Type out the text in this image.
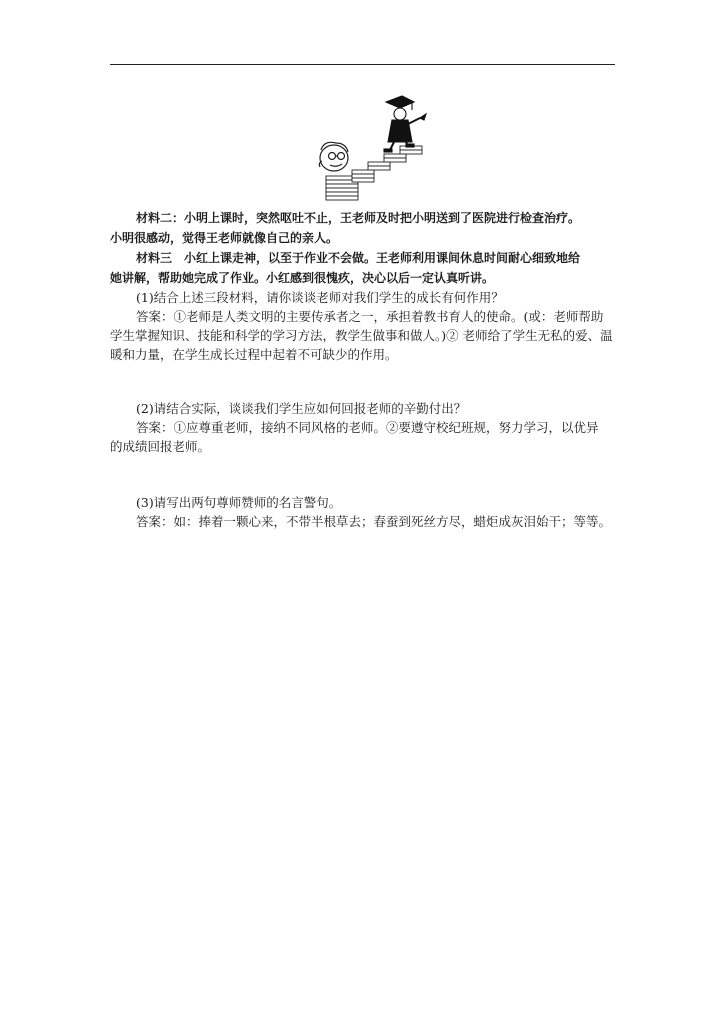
材料二：小明上课时，突然呕吐不止，王老师及时把小明送到了医院进行检查治疗。
小明很感动，觉得王老师就像自己的亲人。
材料三　小红上课走神，以至于作业不会做。王老师利用课间休息时间耐心细致地给
她讲解，帮助她完成了作业。小红感到很愧疚，决心以后一定认真听讲。
(1)结合上述三段材料，请你谈谈老师对我们学生的成长有何作用？
答案：①老师是人类文明的主要传承者之一，承担着教书育人的使命。(或：老师帮助
学生掌握知识、技能和科学的学习方法，教学生做事和做人。)② 老师给了学生无私的爱、温
暖和力量，在学生成长过程中起着不可缺少的作用。
(2)请结合实际，谈谈我们学生应如何回报老师的辛勤付出？
答案：①应尊重老师，接纳不同风格的老师。②要遵守校纪班规，努力学习，以优异
的成绩回报老师。
(3)请写出两句尊师赞师的名言警句。
答案：如：捧着一颗心来，不带半根草去；春蚕到死丝方尽，蜡炬成灰泪始干；等等。
